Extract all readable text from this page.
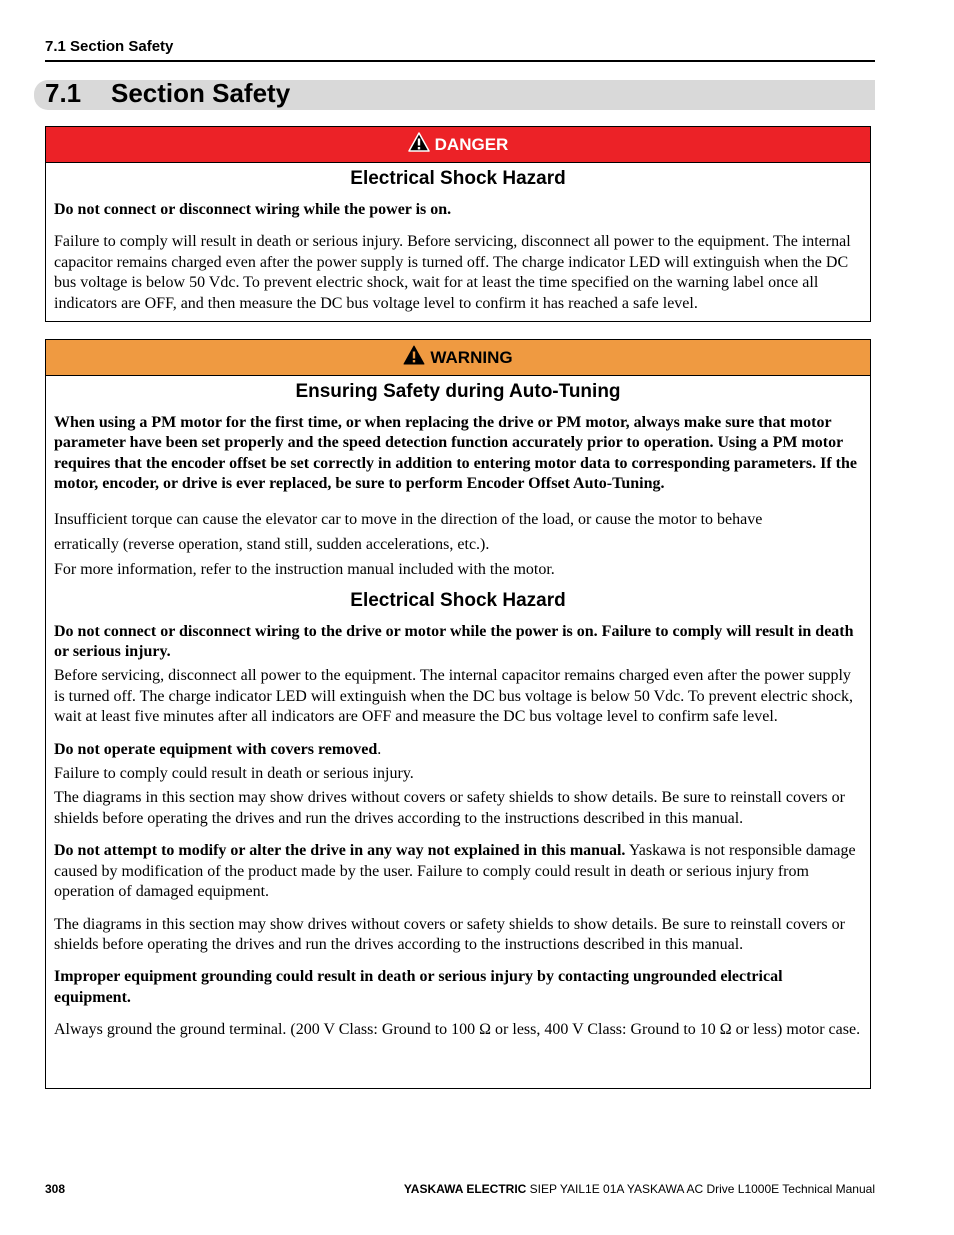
7.1 Section Safety
7.1 Section Safety
DANGER
Electrical Shock Hazard

Do not connect or disconnect wiring while the power is on.

Failure to comply will result in death or serious injury. Before servicing, disconnect all power to the equipment. The internal capacitor remains charged even after the power supply is turned off. The charge indicator LED will extinguish when the DC bus voltage is below 50 Vdc. To prevent electric shock, wait for at least the time specified on the warning label once all indicators are OFF, and then measure the DC bus voltage level to confirm it has reached a safe level.

WARNING
Ensuring Safety during Auto-Tuning

When using a PM motor for the first time, or when replacing the drive or PM motor, always make sure that motor parameter have been set properly and the speed detection function accurately prior to operation. Using a PM motor requires that the encoder offset be set correctly in addition to entering motor data to corresponding parameters. If the motor, encoder, or drive is ever replaced, be sure to perform Encoder Offset Auto-Tuning.

Insufficient torque can cause the elevator car to move in the direction of the load, or cause the motor to behave

erratically (reverse operation, stand still, sudden accelerations, etc.).

For more information, refer to the instruction manual included with the motor.

Electrical Shock Hazard

Do not connect or disconnect wiring to the drive or motor while the power is on. Failure to comply will result in death or serious injury.

Before servicing, disconnect all power to the equipment. The internal capacitor remains charged even after the power supply is turned off. The charge indicator LED will extinguish when the DC bus voltage is below 50 Vdc. To prevent electric shock, wait at least five minutes after all indicators are OFF and measure the DC bus voltage level to confirm safe level.

Do not operate equipment with covers removed.

Failure to comply could result in death or serious injury.

The diagrams in this section may show drives without covers or safety shields to show details. Be sure to reinstall covers or shields before operating the drives and run the drives according to the instructions described in this manual.

Do not attempt to modify or alter the drive in any way not explained in this manual. Yaskawa is not responsible damage caused by modification of the product made by the user. Failure to comply could result in death or serious injury from operation of damaged equipment.

The diagrams in this section may show drives without covers or safety shields to show details. Be sure to reinstall covers or shields before operating the drives and run the drives according to the instructions described in this manual.

Improper equipment grounding could result in death or serious injury by contacting ungrounded electrical equipment.

Always ground the ground terminal. (200 V Class: Ground to 100 Ω or less, 400 V Class: Ground to 10 Ω or less) motor case.

308	YASKAWA ELECTRIC SIEP YAIL1E 01A YASKAWA AC Drive L1000E Technical Manual
